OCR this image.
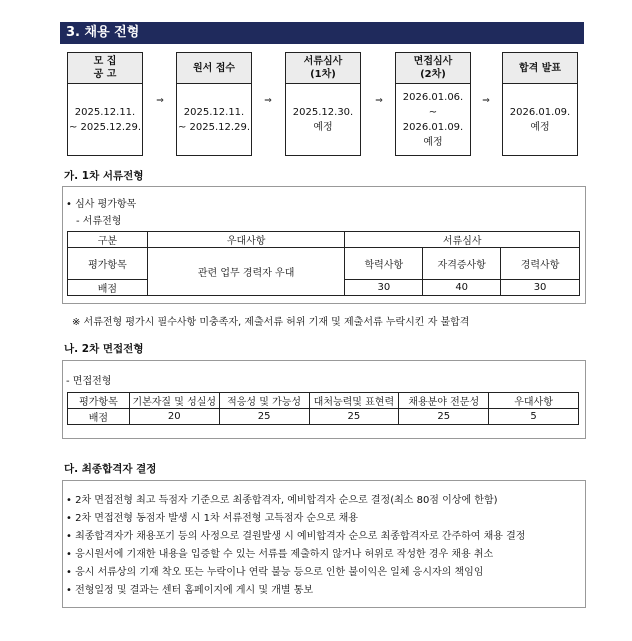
3. 채용 전형
모 집
공 고
2025.12.11.
~ 2025.12.29.
⇒
원서 접수
2025.12.11.
~ 2025.12.29.
⇒
서류심사
(1차)
2025.12.30.
예정
⇒
면접심사
(2차)
2026.01.06.
~
2026.01.09.
예정
⇒
합격 발표
2026.01.09.
예정
가. 1차 서류전형
• 심사 평가항목
- 서류전형
구분	우대사항	서류심사		
평가항목	관련 업무 경력자 우대	학력사항	자격증사항	경력사항
배점		30	40	30
※ 서류전형 평가시 필수사항 미충족자, 제출서류 허위 기재 및 제출서류 누락시킨 자 불합격
나. 2차 면접전형
- 면접전형
평가항목	기본자질 및 성실성	적응성 및 가능성	대처능력및 표현력	채용분야 전문성	우대사항
배점	20	25	25	25	5
다. 최종합격자 결정
• 2차 면접전형 최고 득점자 기준으로 최종합격자, 예비합격자 순으로 결정(최소 80점 이상에 한함)
• 2차 면접전형 동점자 발생 시 1차 서류전형 고득점자 순으로 채용
• 최종합격자가 채용포기 등의 사정으로 결원발생 시 예비합격자 순으로 최종합격자로 간주하여 채용 결정
• 응시원서에 기재한 내용을 입증할 수 있는 서류를 제출하지 않거나 허위로 작성한 경우 채용 취소
• 응시 서류상의 기재 착오 또는 누락이나 연락 불능 등으로 인한 불이익은 일체 응시자의 책임임
• 전형일정 및 결과는 센터 홈페이지에 게시 및 개별 통보
